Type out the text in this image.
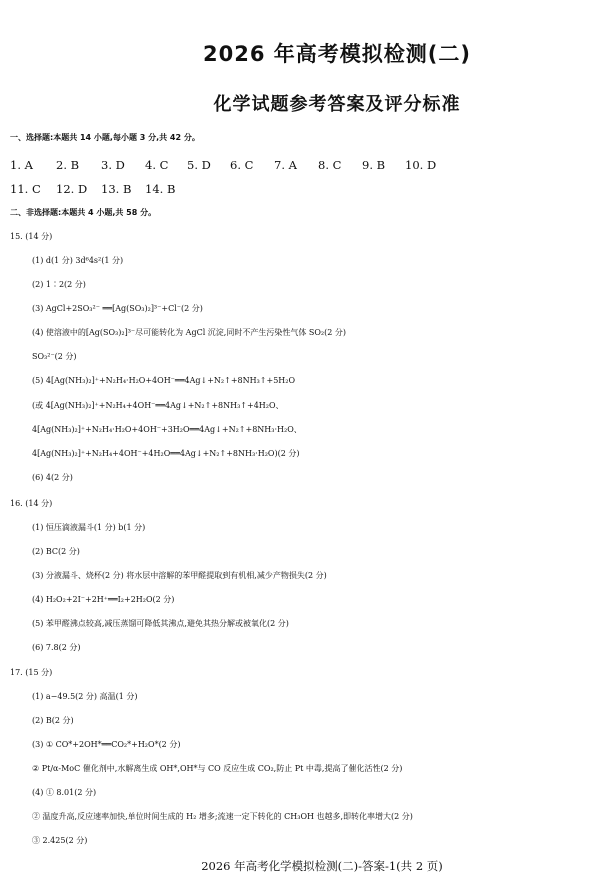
2026 年高考模拟检测(二)
化学试题参考答案及评分标准
一、选择题:本题共 14 小题,每小题 3 分,共 42 分。
1. A 2. B 3. D 4. C 5. D 6. C 7. A 8. C 9. B 10. D
11. C 12. D 13. B 14. B
二、非选择题:本题共 4 小题,共 58 分。
15. (14 分)
(1) d(1 分) 3d⁶4s²(1 分)
(2) 1∶2(2 分)
(3) AgCl+2SO₃²⁻ ══[Ag(SO₃)₂]³⁻+Cl⁻(2 分)
(4) 使溶液中的[Ag(SO₃)₂]³⁻尽可能转化为 AgCl 沉淀,同时不产生污染性气体 SO₂(2 分)
SO₃²⁻(2 分)
(5) 4[Ag(NH₃)₂]⁺+N₂H₄·H₂O+4OH⁻══4Ag↓+N₂↑+8NH₃↑+5H₂O
(或 4[Ag(NH₃)₂]⁺+N₂H₄+4OH⁻══4Ag↓+N₂↑+8NH₃↑+4H₂O、
4[Ag(NH₃)₂]⁺+N₂H₄·H₂O+4OH⁻+3H₂O══4Ag↓+N₂↑+8NH₃·H₂O、
4[Ag(NH₃)₂]⁺+N₂H₄+4OH⁻+4H₂O══4Ag↓+N₂↑+8NH₃·H₂O)(2 分)
(6) 4(2 分)
16. (14 分)
(1) 恒压滴液漏斗(1 分) b(1 分)
(2) BC(2 分)
(3) 分液漏斗、烧杯(2 分) 将水层中溶解的苯甲醛提取到有机相,减少产物损失(2 分)
(4) H₂O₂+2I⁻+2H⁺══I₂+2H₂O(2 分)
(5) 苯甲醛沸点较高,减压蒸馏可降低其沸点,避免其热分解或被氧化(2 分)
(6) 7.8(2 分)
17. (15 分)
(1) a−49.5(2 分) 高温(1 分)
(2) B(2 分)
(3) ① CO*+2OH*══CO₂*+H₂O*(2 分)
② Pt/α-MoC 催化剂中,水解离生成 OH*,OH*与 CO 反应生成 CO₂,防止 Pt 中毒,提高了催化活性(2 分)
(4) ① 8.01(2 分)
② 温度升高,反应速率加快,单位时间生成的 H₂ 增多;流速一定下转化的 CH₃OH 也越多,即转化率增大(2 分)
③ 2.425(2 分)
2026 年高考化学模拟检测(二)-答案-1(共 2 页)
